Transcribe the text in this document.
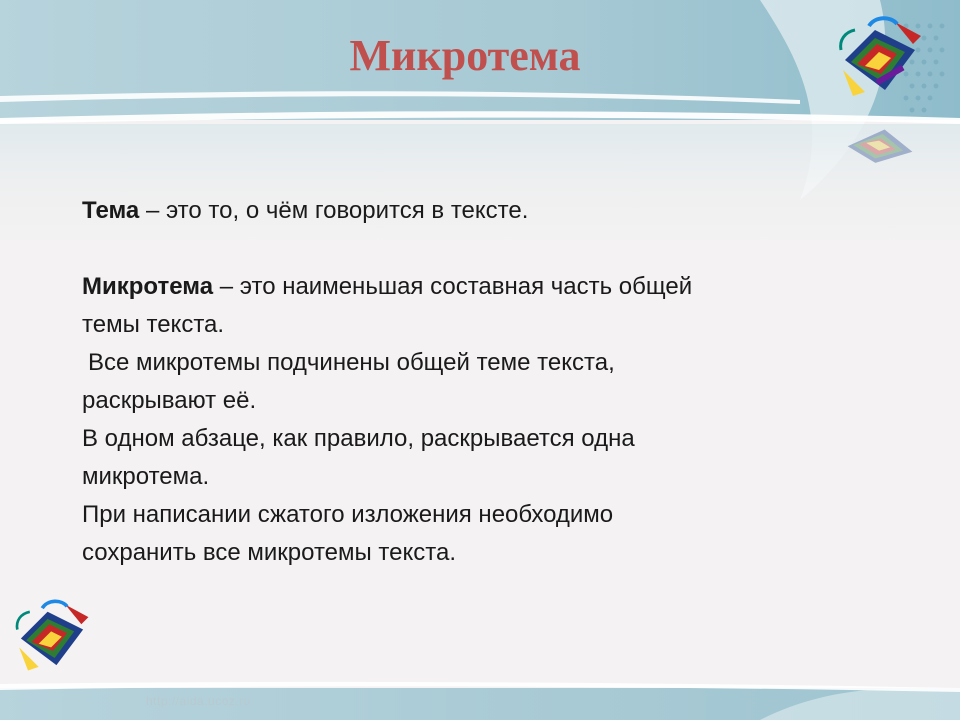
Микротема

Тема – это то, о чём говорится в тексте.

Микротема – это наименьшая составная часть общей

темы текста.

Все микротемы подчинены общей теме текста,

раскрывают её.

В одном абзаце, как правило, раскрывается одна

микротема.

При написании сжатого изложения необходимо

сохранить все микротемы текста.

http://aida.ucoz.ru
